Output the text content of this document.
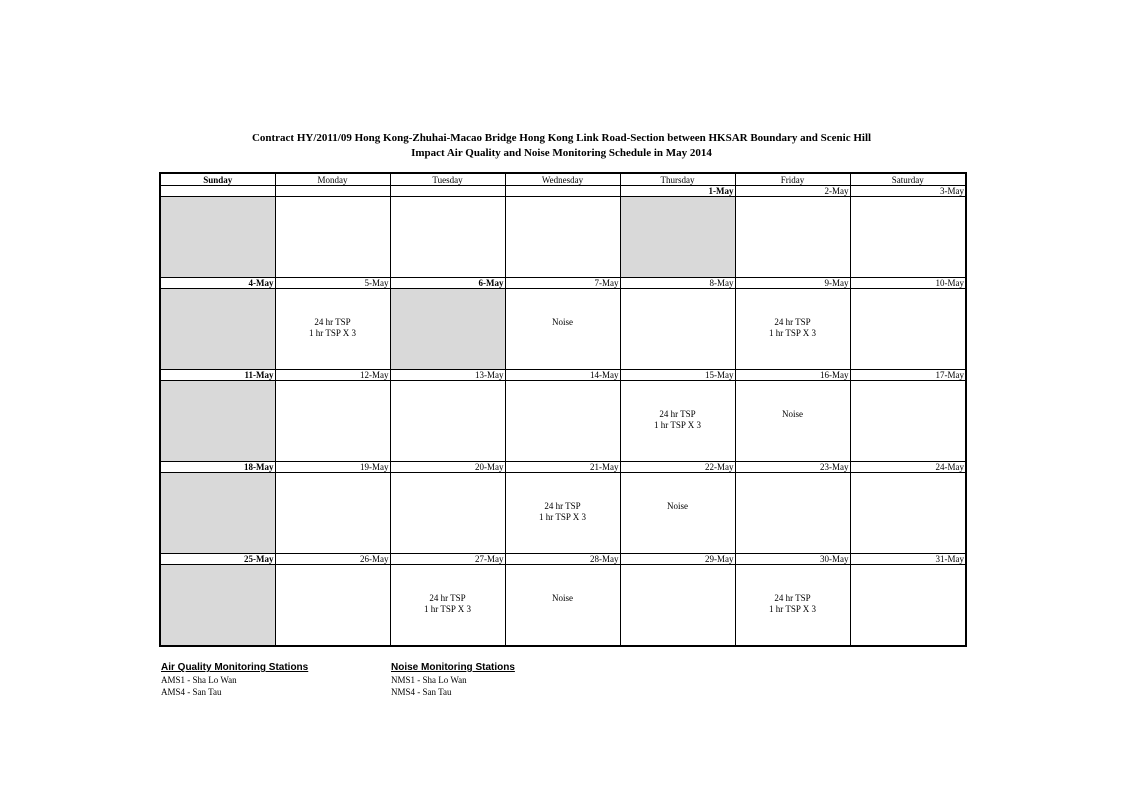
Contract HY/2011/09 Hong Kong-Zhuhai-Macao Bridge Hong Kong Link Road-Section between HKSAR Boundary and Scenic Hill
Impact Air Quality and Noise Monitoring Schedule in May 2014
Sunday	Monday	Tuesday	Wednesday	Thursday	Friday	Saturday
				1-May	2-May	3-May

4-May	5-May	6-May	7-May	8-May	9-May	10-May

	24 hr TSP
1 hr TSP X 3		Noise		24 hr TSP
1 hr TSP X 3	

11-May	12-May	13-May	14-May	15-May	16-May	17-May

				24 hr TSP
1 hr TSP X 3	Noise	

18-May	19-May	20-May	21-May	22-May	23-May	24-May

			24 hr TSP
1 hr TSP X 3	Noise		

25-May	26-May	27-May	28-May	29-May	30-May	31-May

		24 hr TSP
1 hr TSP X 3	Noise		24 hr TSP
1 hr TSP X 3	

Air Quality Monitoring Stations
AMS1 - Sha Lo Wan
AMS4 - San Tau
Noise Monitoring Stations
NMS1 - Sha Lo Wan
NMS4 - San Tau
